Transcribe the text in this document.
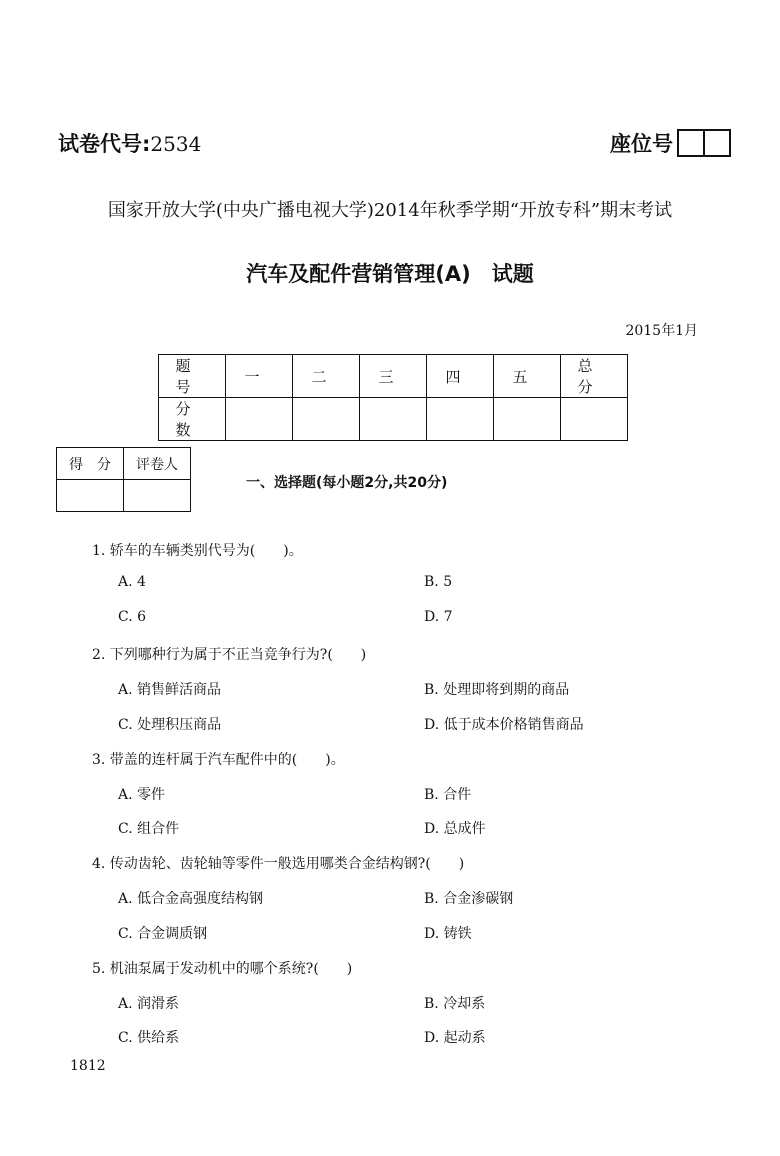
试卷代号:2534	座位号
国家开放大学(中央广播电视大学)2014年秋季学期“开放专科”期末考试
汽车及配件营销管理(A)　试题
2015年1月
题　号	一	二	三	四	五	总　分
分　数						
得　分	评卷人

一、选择题(每小题2分,共20分)
1. 轿车的车辆类别代号为(　　)。
A. 4	B. 5
C. 6	D. 7
2. 下列哪种行为属于不正当竞争行为?(　　)
A. 销售鲜活商品	B. 处理即将到期的商品
C. 处理积压商品	D. 低于成本价格销售商品
3. 带盖的连杆属于汽车配件中的(　　)。
A. 零件	B. 合件
C. 组合件	D. 总成件
4. 传动齿轮、齿轮轴等零件一般选用哪类合金结构钢?(　　)
A. 低合金高强度结构钢	B. 合金渗碳钢
C. 合金调质钢	D. 铸铁
5. 机油泵属于发动机中的哪个系统?(　　)
A. 润滑系	B. 冷却系
C. 供给系	D. 起动系
1812
